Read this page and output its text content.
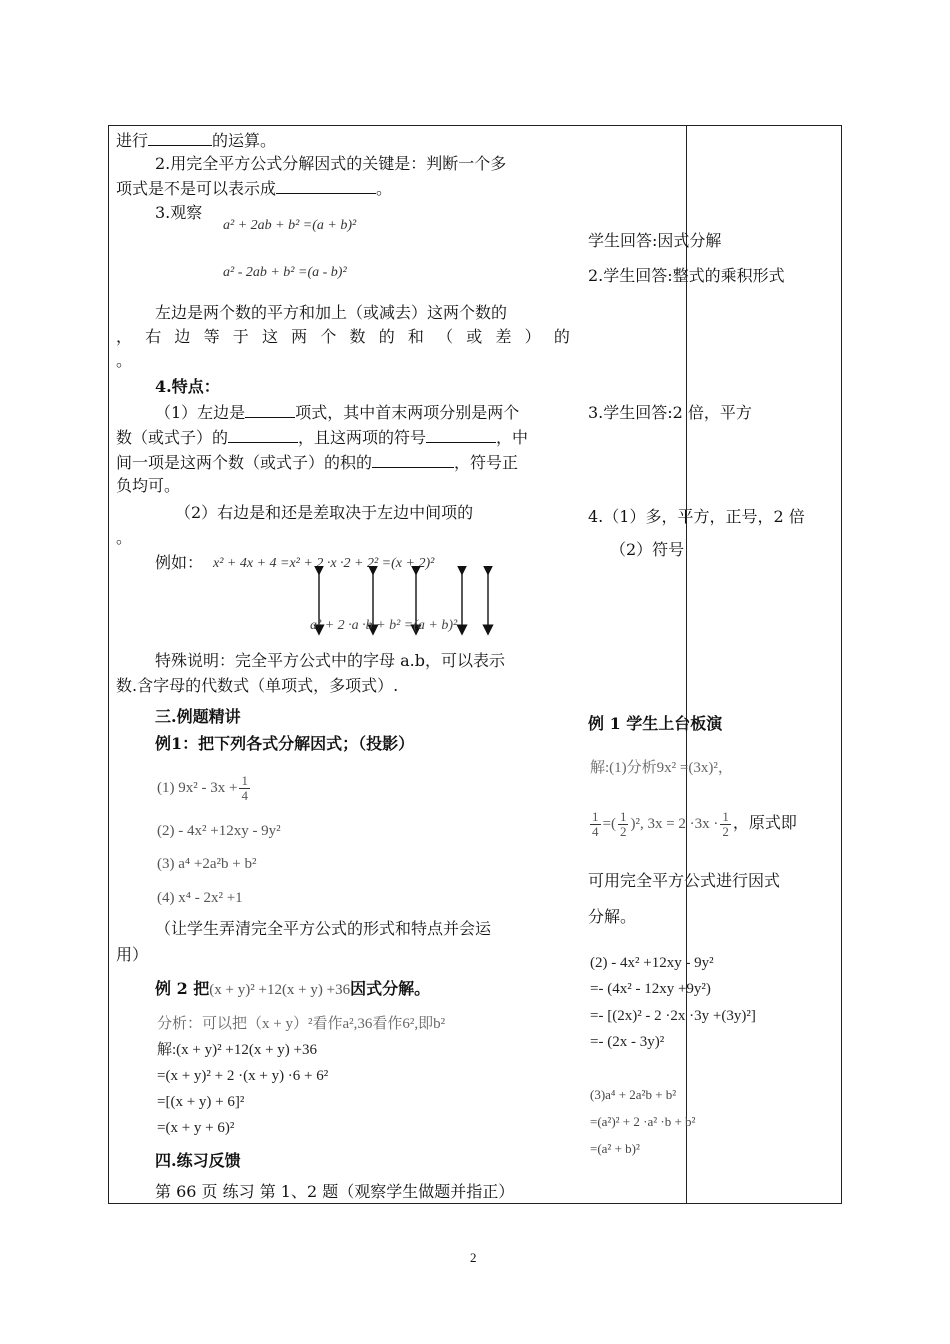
进行	的运算。
2.用完全平方公式分解因式的关键是：判断一个多
项式是不是可以表示成	。
3.观察
a² + 2ab + b² =(a + b)²
a² - 2ab + b² =(a - b)²
左边是两个数的平方和加上（或减去）这两个数的
， 右 边 等 于 这 两 个 数 的 和 （ 或 差 ） 的
。
4.特点：
（1）左边是	项式，其中首末两项分别是两个
数（或式子）的	，且这两项的符号	，中
间一项是这两个数（或式子）的积的	，符号正
负均可。
（2）右边是和还是差取决于左边中间项的
。
例如： x² + 4x + 4 =x² + 2 ·x ·2 + 2² =(x + 2)²
a² + 2 ·a ·b + b² =(a + b)²
特殊说明：完全平方公式中的字母 a.b，可以表示
数.含字母的代数式（单项式，多项式）.
三.例题精讲
例1：把下列各式分解因式；（投影）
(1) $9x^2 - 3x + \frac{1}{4}$
(2) - 4x² +12xy - 9y²
(3) a⁴ +2a²b + b²
(4) x⁴ - 2x² +1
（让学生弄清完全平方公式的形式和特点并会运
用）
例 2 把(x + y)² +12(x + y) +36因式分解。
分析：可以把（x + y）²看作a²,36看作6²,即b²
解:(x + y)² +12(x + y) +36
=(x + y)² + 2 ·(x + y) ·6 + 6²
=[(x + y) + 6]²
=(x + y + 6)²
四.练习反馈
第 66 页 练习 第 1、2 题（观察学生做题并指正）
学生回答:因式分解
2.学生回答:整式的乘积形式
3.学生回答:2 倍，平方
4.（1）多，平方，正号，2 倍
（2）符号
例 1 学生上台板演
解:(1)分析9x² =(3x)²，
$\frac{1}{4}$ =( $\frac{1}{2} )^2$, $3x = 2 \cdot 3x \cdot \frac{1}{2}$ ，原式即
可用完全平方公式进行因式
分解。
(2) - 4x² +12xy - 9y²
=- (4x² - 12xy +9y²)
=- [(2x)² - 2 ·2x ·3y +(3y)²]
=- (2x - 3y)²
(3)a⁴ + 2a²b + b²
=(a²)² + 2 ·a² ·b + b²
=(a² + b)²
2
